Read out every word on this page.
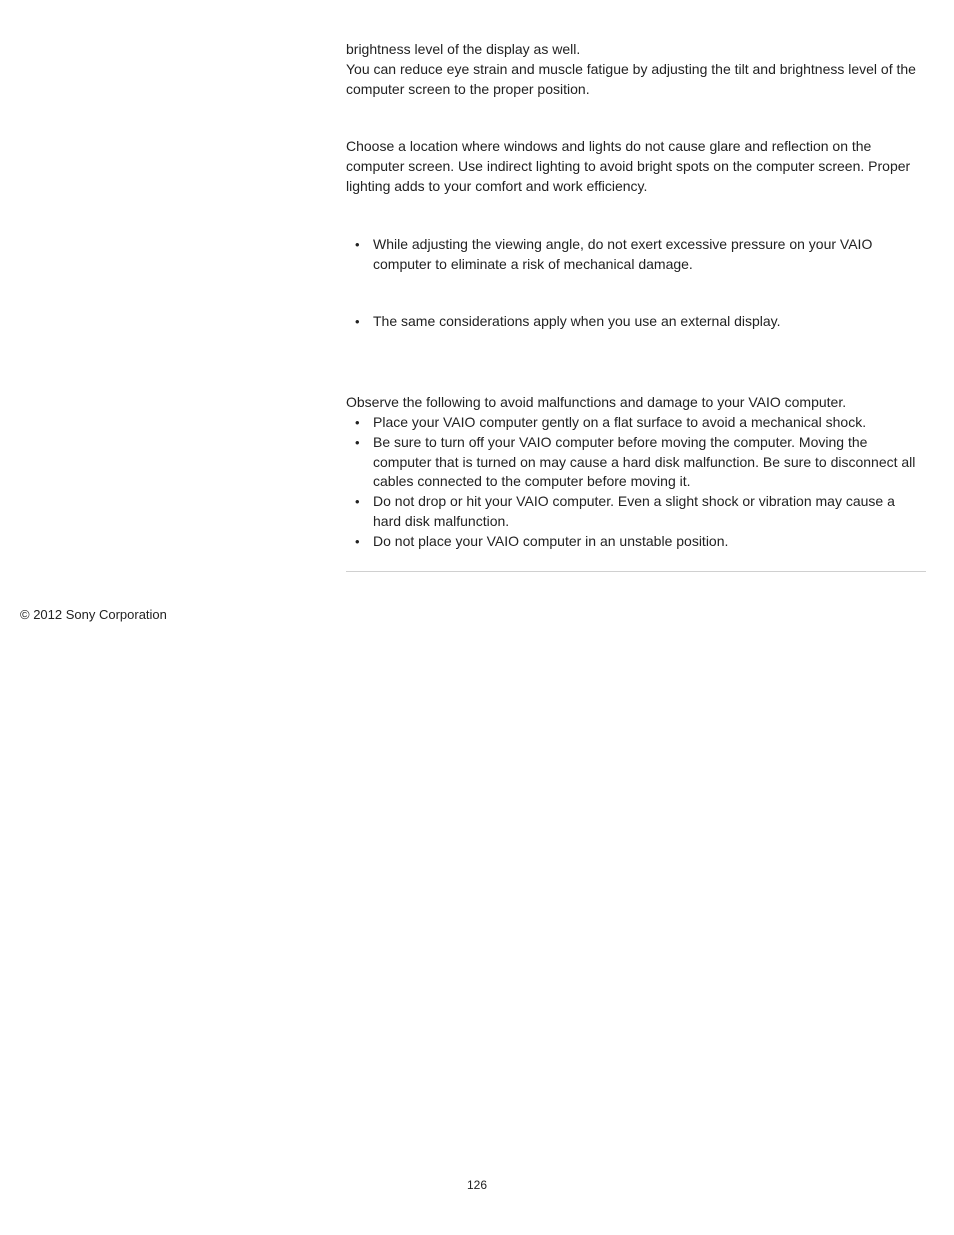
brightness level of the display as well.

You can reduce eye strain and muscle fatigue by adjusting the tilt and brightness level of the computer screen to the proper position.

Choose a location where windows and lights do not cause glare and reflection on the computer screen. Use indirect lighting to avoid bright spots on the computer screen. Proper lighting adds to your comfort and work efficiency.

• While adjusting the viewing angle, do not exert excessive pressure on your VAIO computer to eliminate a risk of mechanical damage.
• The same considerations apply when you use an external display.

Observe the following to avoid malfunctions and damage to your VAIO computer.

• Place your VAIO computer gently on a flat surface to avoid a mechanical shock.
• Be sure to turn off your VAIO computer before moving the computer. Moving the computer that is turned on may cause a hard disk malfunction. Be sure to disconnect all cables connected to the computer before moving it.
• Do not drop or hit your VAIO computer. Even a slight shock or vibration may cause a hard disk malfunction.
• Do not place your VAIO computer in an unstable position.
© 2012 Sony Corporation
126
